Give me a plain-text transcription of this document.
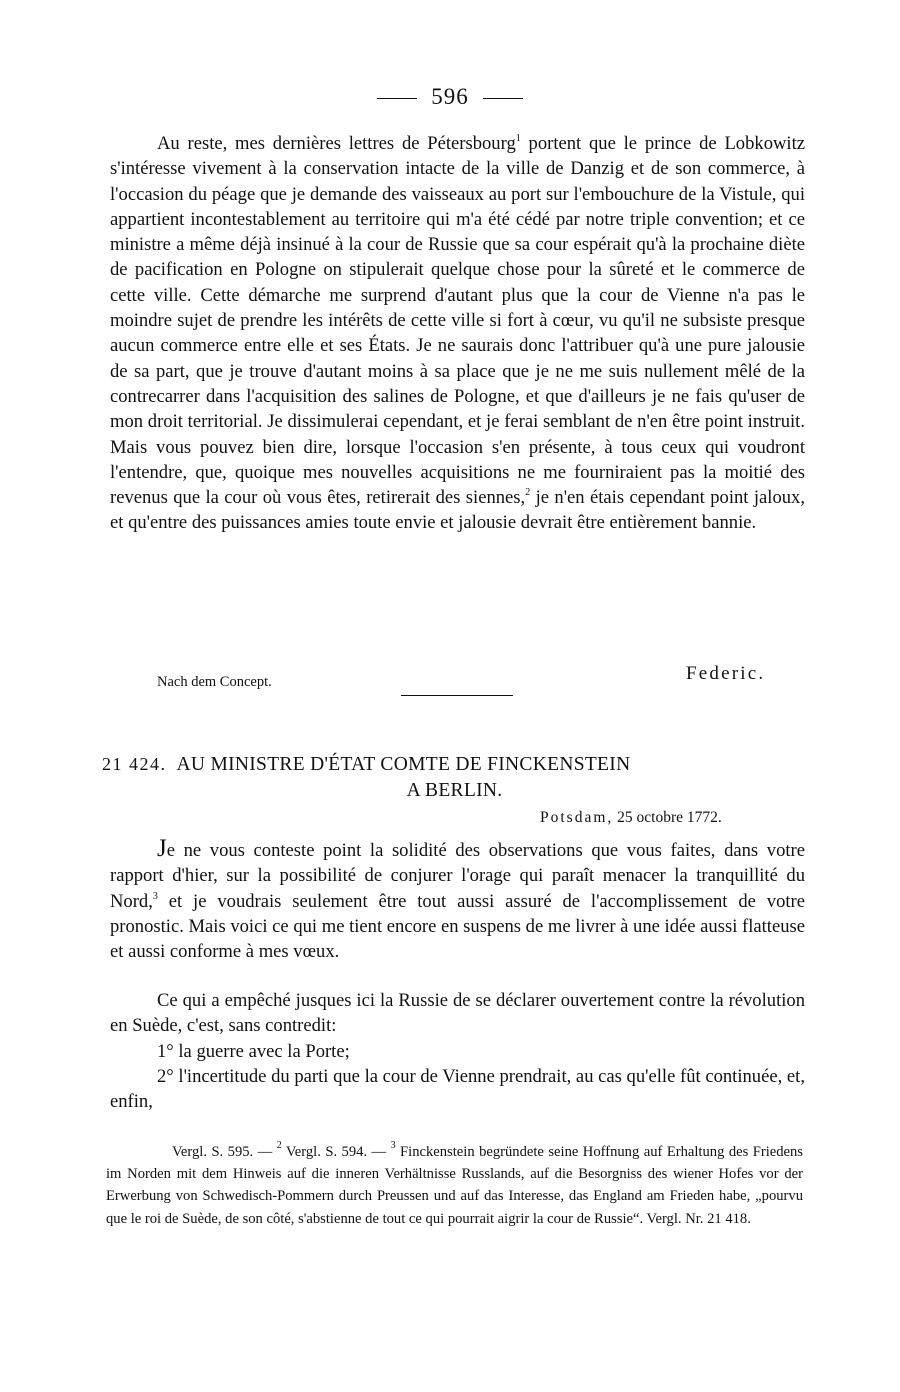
596
Au reste, mes dernières lettres de Pétersbourg$^1$ portent que le prince de Lobkowitz s'intéresse vivement à la conservation intacte de la ville de Danzig et de son commerce, à l'occasion du péage que je demande des vaisseaux au port sur l'embouchure de la Vistule, qui appartient incontestablement au territoire qui m'a été cédé par notre triple convention; et ce ministre a même déjà insinué à la cour de Russie que sa cour espérait qu'à la prochaine diète de pacification en Pologne on stipulerait quelque chose pour la sûreté et le commerce de cette ville. Cette démarche me surprend d'autant plus que la cour de Vienne n'a pas le moindre sujet de prendre les intérêts de cette ville si fort à cœur, vu qu'il ne subsiste presque aucun commerce entre elle et ses États. Je ne saurais donc l'attribuer qu'à une pure jalousie de sa part, que je trouve d'autant moins à sa place que je ne me suis nullement mêlé de la contrecarrer dans l'acquisition des salines de Pologne, et que d'ailleurs je ne fais qu'user de mon droit territorial. Je dissimulerai cependant, et je ferai semblant de n'en être point instruit. Mais vous pouvez bien dire, lorsque l'occasion s'en présente, à tous ceux qui voudront l'entendre, que, quoique mes nouvelles acquisitions ne me fourniraient pas la moitié des revenus que la cour où vous êtes, retirerait des siennes,$^2$ je n'en étais cependant point jaloux, et qu'entre des puissances amies toute envie et jalousie devrait être entièrement bannie.
Nach dem Concept.	Federic.
21 424. AU MINISTRE D'ÉTAT COMTE DE FINCKENSTEIN
A BERLIN.
Potsdam, 25 octobre 1772.
Je ne vous conteste point la solidité des observations que vous faites, dans votre rapport d'hier, sur la possibilité de conjurer l'orage qui paraît menacer la tranquillité du Nord,$^3$ et je voudrais seulement être tout aussi assuré de l'accomplissement de votre pronostic. Mais voici ce qui me tient encore en suspens de me livrer à une idée aussi flatteuse et aussi conforme à mes vœux.
Ce qui a empêché jusques ici la Russie de se déclarer ouvertement contre la révolution en Suède, c'est, sans contredit:
1° la guerre avec la Porte;
2° l'incertitude du parti que la cour de Vienne prendrait, au cas qu'elle fût continuée, et, enfin,
Vergl. S. 595. — $^2$ Vergl. S. 594. — $^3$ Finckenstein begründete seine Hoffnung auf Erhaltung des Friedens im Norden mit dem Hinweis auf die inneren Verhältnisse Russlands, auf die Besorgniss des wiener Hofes vor der Erwerbung von Schwedisch-Pommern durch Preussen und auf das Interesse, das England am Frieden habe, „pourvu que le roi de Suède, de son côté, s'abstienne de tout ce qui pourrait aigrir la cour de Russie“. Vergl. Nr. 21 418.
